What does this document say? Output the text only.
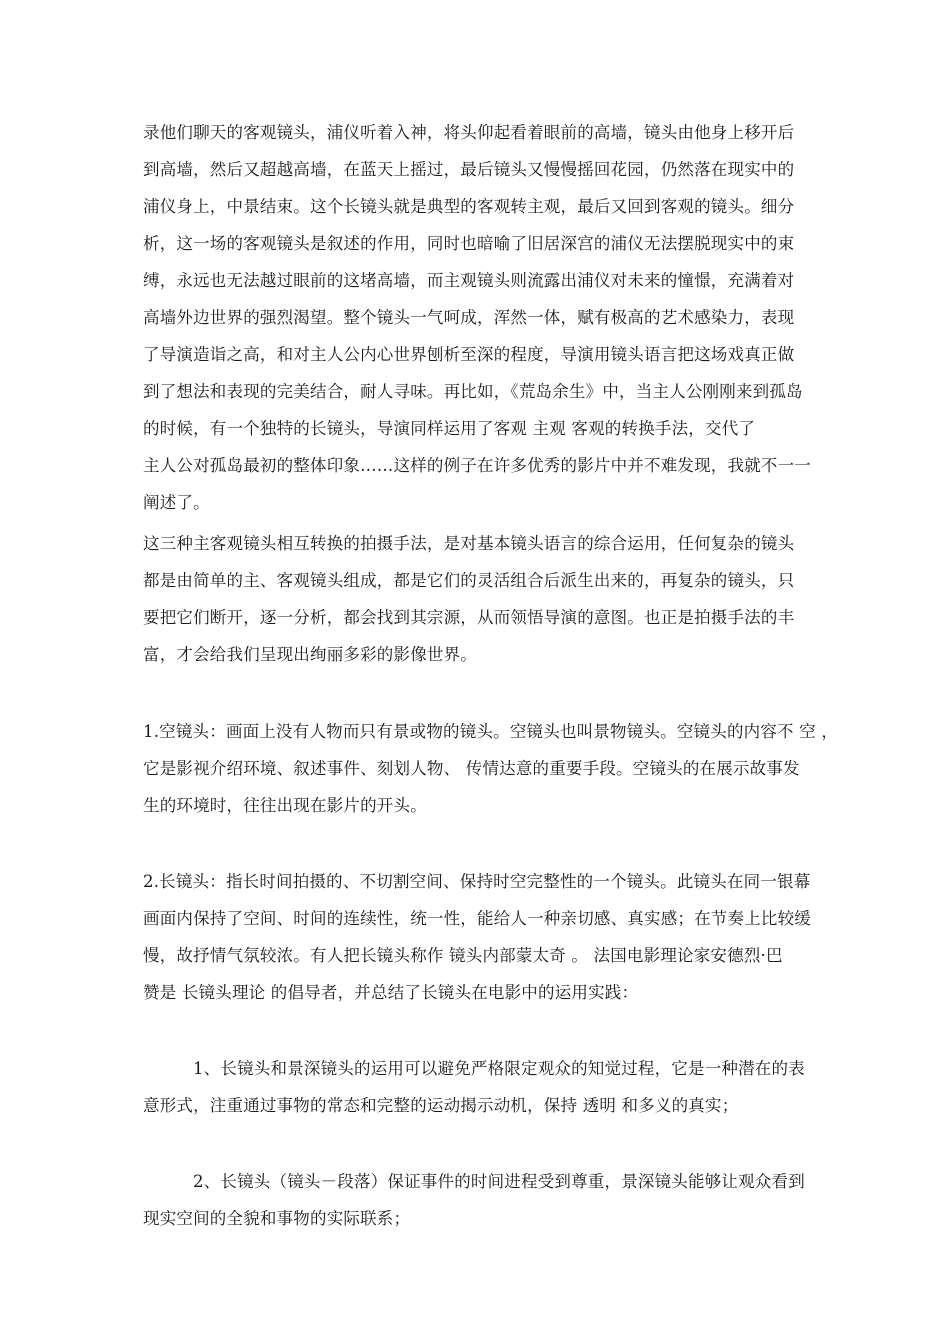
录他们聊天的客观镜头，浦仪听着入神，将头仰起看着眼前的高墙，镜头由他身上移开后
到高墙，然后又超越高墙，在蓝天上摇过，最后镜头又慢慢摇回花园，仍然落在现实中的
浦仪身上，中景结束。这个长镜头就是典型的客观转主观，最后又回到客观的镜头。细分
析，这一场的客观镜头是叙述的作用，同时也暗喻了旧居深宫的浦仪无法摆脱现实中的束
缚，永远也无法越过眼前的这堵高墙，而主观镜头则流露出浦仪对未来的憧憬，充满着对
高墙外边世界的强烈渴望。整个镜头一气呵成，浑然一体，赋有极高的艺术感染力，表现
了导演造诣之高，和对主人公内心世界刨析至深的程度，导演用镜头语言把这场戏真正做
到了想法和表现的完美结合，耐人寻味。再比如，《荒岛余生》中，当主人公刚刚来到孤岛
的时候，有一个独特的长镜头，导演同样运用了客观 主观 客观的转换手法，交代了
主人公对孤岛最初的整体印象……这样的例子在许多优秀的影片中并不难发现，我就不一一
阐述了。
这三种主客观镜头相互转换的拍摄手法，是对基本镜头语言的综合运用，任何复杂的镜头
都是由简单的主、客观镜头组成，都是它们的灵活组合后派生出来的，再复杂的镜头，只
要把它们断开，逐一分析，都会找到其宗源，从而领悟导演的意图。也正是拍摄手法的丰
富，才会给我们呈现出绚丽多彩的影像世界。
1.空镜头：画面上没有人物而只有景或物的镜头。空镜头也叫景物镜头。空镜头的内容不 空 ，
它是影视介绍环境、叙述事件、刻划人物、 传情达意的重要手段。空镜头的在展示故事发
生的环境时，往往出现在影片的开头。
2.长镜头：指长时间拍摄的、不切割空间、保持时空完整性的一个镜头。此镜头在同一银幕
画面内保持了空间、时间的连续性，统一性，能给人一种亲切感、真实感；在节奏上比较缓
慢，故抒情气氛较浓。有人把长镜头称作 镜头内部蒙太奇 。 法国电影理论家安德烈·巴
赞是 长镜头理论 的倡导者，并总结了长镜头在电影中的运用实践：
1、长镜头和景深镜头的运用可以避免严格限定观众的知觉过程，它是一种潜在的表
意形式，注重通过事物的常态和完整的运动揭示动机，保持 透明 和多义的真实；
2、长镜头（镜头－段落）保证事件的时间进程受到尊重，景深镜头能够让观众看到
现实空间的全貌和事物的实际联系；
